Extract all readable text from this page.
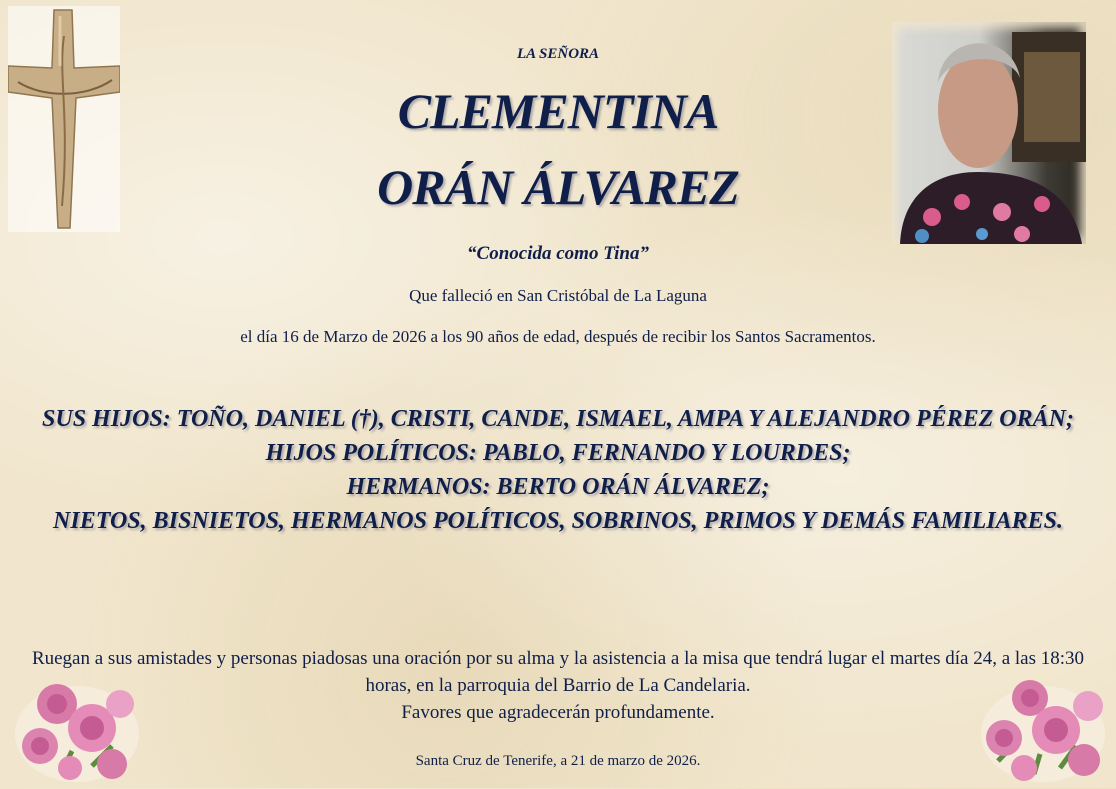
LA SEÑORA
CLEMENTINA
ORÁN ÁLVAREZ
“Conocida como Tina”
Que falleció en San Cristóbal de La Laguna
el día 16 de Marzo de 2026 a los 90 años de edad, después de recibir los Santos Sacramentos.
SUS HIJOS: TOÑO, DANIEL (†), CRISTI, CANDE, ISMAEL, AMPA Y ALEJANDRO PÉREZ ORÁN;
HIJOS POLÍTICOS: PABLO, FERNANDO Y LOURDES;
HERMANOS: BERTO ORÁN ÁLVAREZ;
NIETOS, BISNIETOS, HERMANOS POLÍTICOS, SOBRINOS, PRIMOS Y DEMÁS FAMILIARES.
Ruegan a sus amistades y personas piadosas una oración por su alma y la asistencia a la misa que tendrá lugar el martes día 24, a las 18:30 horas, en la parroquia del Barrio de La Candelaria.
Favores que agradecerán profundamente.
Santa Cruz de Tenerife, a 21 de marzo de 2026.
